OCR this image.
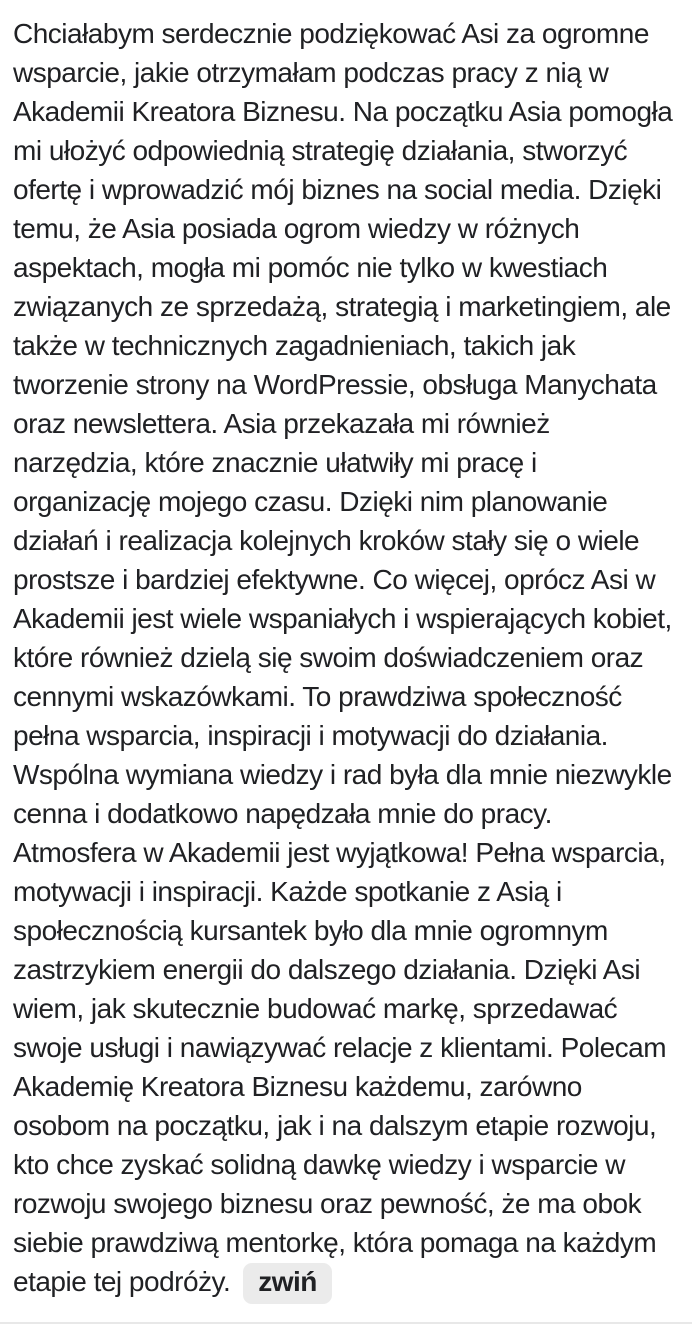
Chciałabym serdecznie podziękować Asi za ogromne
wsparcie, jakie otrzymałam podczas pracy z nią w
Akademii Kreatora Biznesu. Na początku Asia pomogła
mi ułożyć odpowiednią strategię działania, stworzyć
ofertę i wprowadzić mój biznes na social media. Dzięki
temu, że Asia posiada ogrom wiedzy w różnych
aspektach, mogła mi pomóc nie tylko w kwestiach
związanych ze sprzedażą, strategią i marketingiem, ale
także w technicznych zagadnieniach, takich jak
tworzenie strony na WordPressie, obsługa Manychata
oraz newslettera. Asia przekazała mi również
narzędzia, które znacznie ułatwiły mi pracę i
organizację mojego czasu. Dzięki nim planowanie
działań i realizacja kolejnych kroków stały się o wiele
prostsze i bardziej efektywne. Co więcej, oprócz Asi w
Akademii jest wiele wspaniałych i wspierających kobiet,
które również dzielą się swoim doświadczeniem oraz
cennymi wskazówkami. To prawdziwa społeczność
pełna wsparcia, inspiracji i motywacji do działania.
Wspólna wymiana wiedzy i rad była dla mnie niezwykle
cenna i dodatkowo napędzała mnie do pracy.
Atmosfera w Akademii jest wyjątkowa! Pełna wsparcia,
motywacji i inspiracji. Każde spotkanie z Asią i
społecznością kursantek było dla mnie ogromnym
zastrzykiem energii do dalszego działania. Dzięki Asi
wiem, jak skutecznie budować markę, sprzedawać
swoje usługi i nawiązywać relacje z klientami. Polecam
Akademię Kreatora Biznesu każdemu, zarówno
osobom na początku, jak i na dalszym etapie rozwoju,
kto chce zyskać solidną dawkę wiedzy i wsparcie w
rozwoju swojego biznesu oraz pewność, że ma obok
siebie prawdziwą mentorkę, która pomaga na każdym
etapie tej podróży. zwiń
